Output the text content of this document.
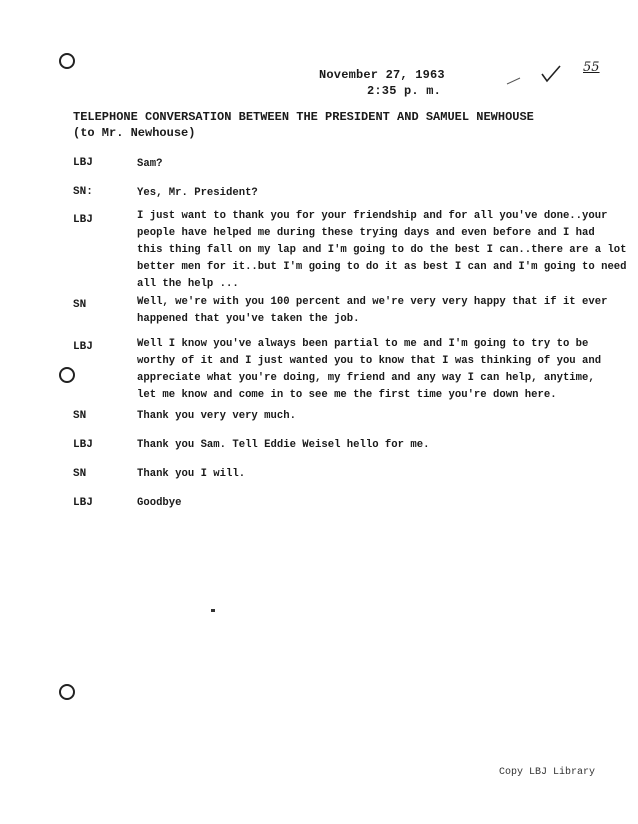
55
November 27, 1963
2:35 p. m.
TELEPHONE CONVERSATION BETWEEN THE PRESIDENT AND SAMUEL NEWHOUSE
(to Mr. Newhouse)
LBJ	Sam?
SN:	Yes, Mr. President?
LBJ	I just want to thank you for your friendship and for all you've done..your
people have helped me during these trying days and even before and I had
this thing fall on my lap and I'm going to do the best I can..there are a lot
better men for it..but I'm going to do it as best I can and I'm going to need
all the help ...
SN	Well, we're with you 100 percent and we're very very happy that if it ever
happened that you've taken the job.
LBJ	Well I know you've always been partial to me and I'm going to try to be
worthy of it and I just wanted you to know that I was thinking of you and
appreciate what you're doing, my friend and any way I can help, anytime,
let me know and come in to see me the first time you're down here.
SN	Thank you very very much.
LBJ	Thank you Sam. Tell Eddie Weisel hello for me.
SN	Thank you I will.
LBJ	Goodbye
Copy LBJ Library
